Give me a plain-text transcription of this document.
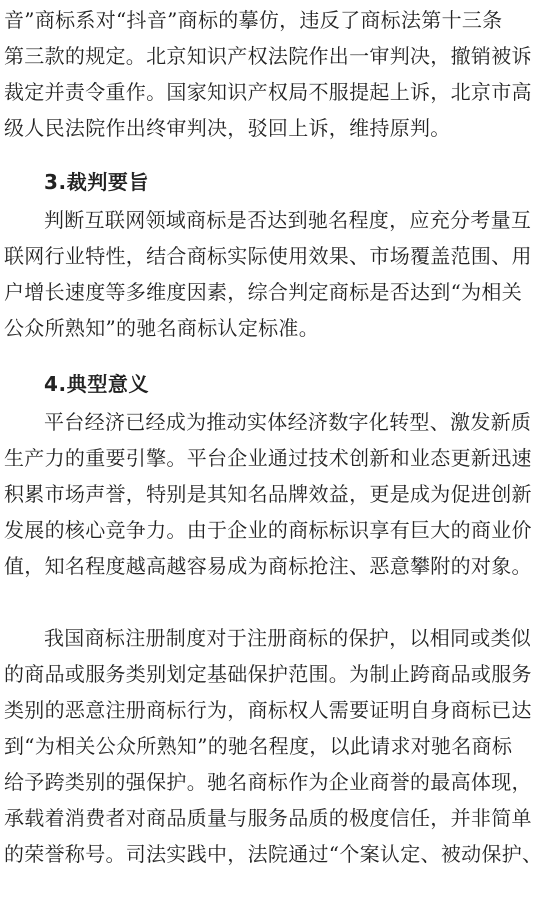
音”商标系对“抖音”商标的摹仿，违反了商标法第十三条
第三款的规定。北京知识产权法院作出一审判决，撤销被诉
裁定并责令重作。国家知识产权局不服提起上诉，北京市高
级人民法院作出终审判决，驳回上诉，维持原判。
3.裁判要旨
判断互联网领域商标是否达到驰名程度，应充分考量互
联网行业特性，结合商标实际使用效果、市场覆盖范围、用
户增长速度等多维度因素，综合判定商标是否达到“为相关
公众所熟知”的驰名商标认定标准。
4.典型意义
平台经济已经成为推动实体经济数字化转型、激发新质
生产力的重要引擎。平台企业通过技术创新和业态更新迅速
积累市场声誉，特别是其知名品牌效益，更是成为促进创新
发展的核心竞争力。由于企业的商标标识享有巨大的商业价
值，知名程度越高越容易成为商标抢注、恶意攀附的对象。
我国商标注册制度对于注册商标的保护，以相同或类似
的商品或服务类别划定基础保护范围。为制止跨商品或服务
类别的恶意注册商标行为，商标权人需要证明自身商标已达
到“为相关公众所熟知”的驰名程度，以此请求对驰名商标
给予跨类别的强保护。驰名商标作为企业商誉的最高体现，
承载着消费者对商品质量与服务品质的极度信任，并非简单
的荣誉称号。司法实践中，法院通过“个案认定、被动保护、
